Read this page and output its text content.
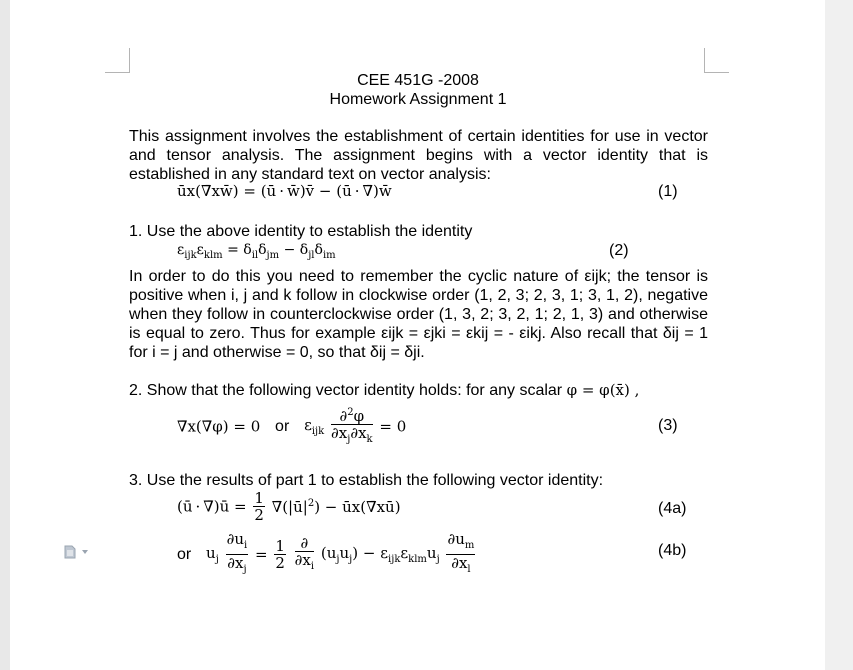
CEE 451G -2008
Homework Assignment 1
This assignment involves the establishment of certain identities for use in vector and tensor analysis. The assignment begins with a vector identity that is established in any standard text on vector analysis:
ūx(∇̄xw̄) = (ū · w̄)v̄ − (ū · ∇̄)w̄	(1)
1. Use the above identity to establish the identity
$\varepsilon_{ijk}\varepsilon_{klm} = \delta_{il}\delta_{jm} - \delta_{jl}\delta_{im}$	(2)
In order to do this you need to remember the cyclic nature of εijk; the tensor is positive when i, j and k follow in clockwise order (1, 2, 3; 2, 3, 1; 3, 1, 2), negative when they follow in counterclockwise order (1, 3, 2; 3, 2, 1; 2, 1, 3) and otherwise is equal to zero. Thus for example εijk = εjki = εkij = - εikj. Also recall that δij = 1 for i = j and otherwise = 0, so that δij = δji.
2. Show that the following vector identity holds: for any scalar φ = φ(x̄) ,
∇̄x(∇̄φ) = 0 or $\varepsilon_{ijk} \frac{\partial^2\varphi}{\partial x_j\partial x_k} = 0$	(3)
3. Use the results of part 1 to establish the following vector identity:
(ū · ∇̄)ū = $\frac{1}{2}$ $\nablā(|ū|^2)$ − ūx(∇̄xū)	(4a)
or $u_j \frac{\partial u_i}{\partial x_j} = \frac{1}{2}$
$\frac{\partial}{\partial x_i} (u_ju_j) - \varepsilon_{ijk}\varepsilon_{klm}u_j \frac{\partial u_m}{\partial x_l}$	(4b)
